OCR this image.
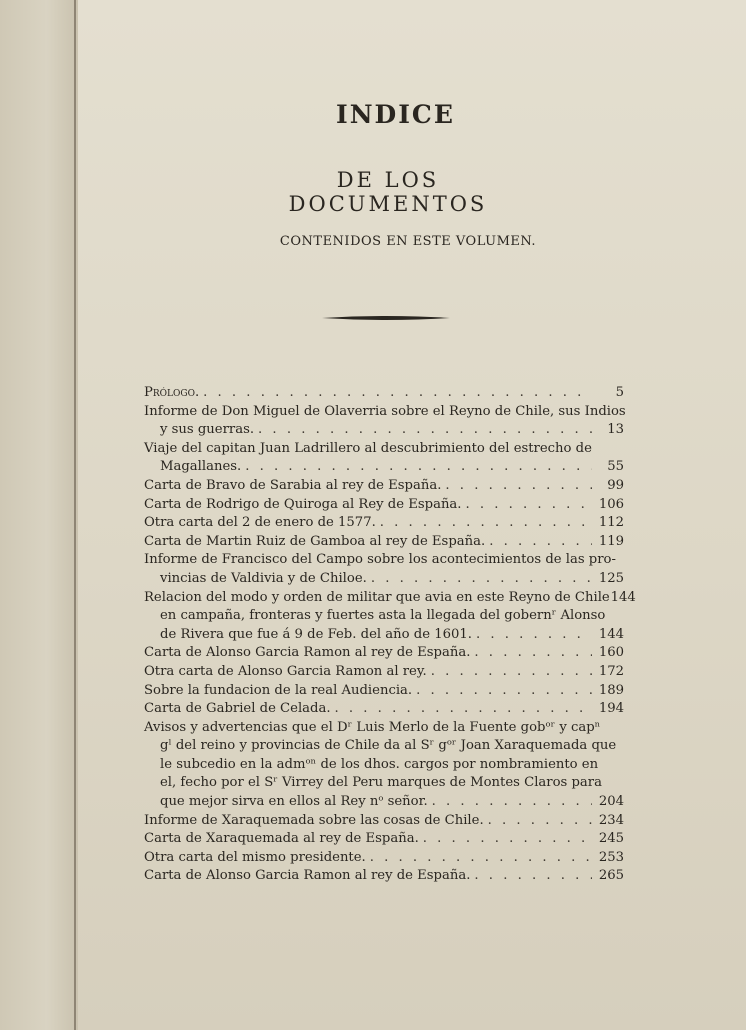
INDICE
DE LOS DOCUMENTOS
CONTENIDOS EN ESTE VOLUMEN.
Prólogo. . . .	5
Informe de Don Miguel de Olaverria sobre el Reyno de Chile, sus Indios
y sus guerras. . . .	13
Viaje del capitan Juan Ladrillero al descubrimiento del estrecho de
Magallanes. . . .	55
Carta de Bravo de Sarabia al rey de España. . . .	99
Carta de Rodrigo de Quiroga al Rey de España. . . .	106
Otra carta del 2 de enero de 1577. . . .	112
Carta de Martin Ruiz de Gamboa al rey de España. . . .	119
Informe de Francisco del Campo sobre los acontecimientos de las pro-
vincias de Valdivia y de Chiloe. . . .	125
Relacion del modo y orden de militar que avia en este Reyno de Chile 144
en campaña, fronteras y fuertes asta la llegada del gobernʳ Alonso
de Rivera que fue á 9 de Feb. del año de 1601. . . .	144
Carta de Alonso Garcia Ramon al rey de España. . . .	160
Otra carta de Alonso Garcia Ramon al rey. . . .	172
Sobre la fundacion de la real Audiencia. . . .	189
Carta de Gabriel de Celada. . . .	194
Avisos y advertencias que el Dʳ Luis Merlo de la Fuente gobᵒʳ y capⁿ
gˡ del reino y provincias de Chile da al Sʳ gᵒʳ Joan Xaraquemada que
le subcedio en la admᵒⁿ de los dhos. cargos por nombramiento en
el, fecho por el Sʳ Virrey del Peru marques de Montes Claros para
que mejor sirva en ellos al Rey nᵒ señor. . . .	204
Informe de Xaraquemada sobre las cosas de Chile. . . .	234
Carta de Xaraquemada al rey de España. . . .	245
Otra carta del mismo presidente. . . .	253
Carta de Alonso Garcia Ramon al rey de España. . . .	265
